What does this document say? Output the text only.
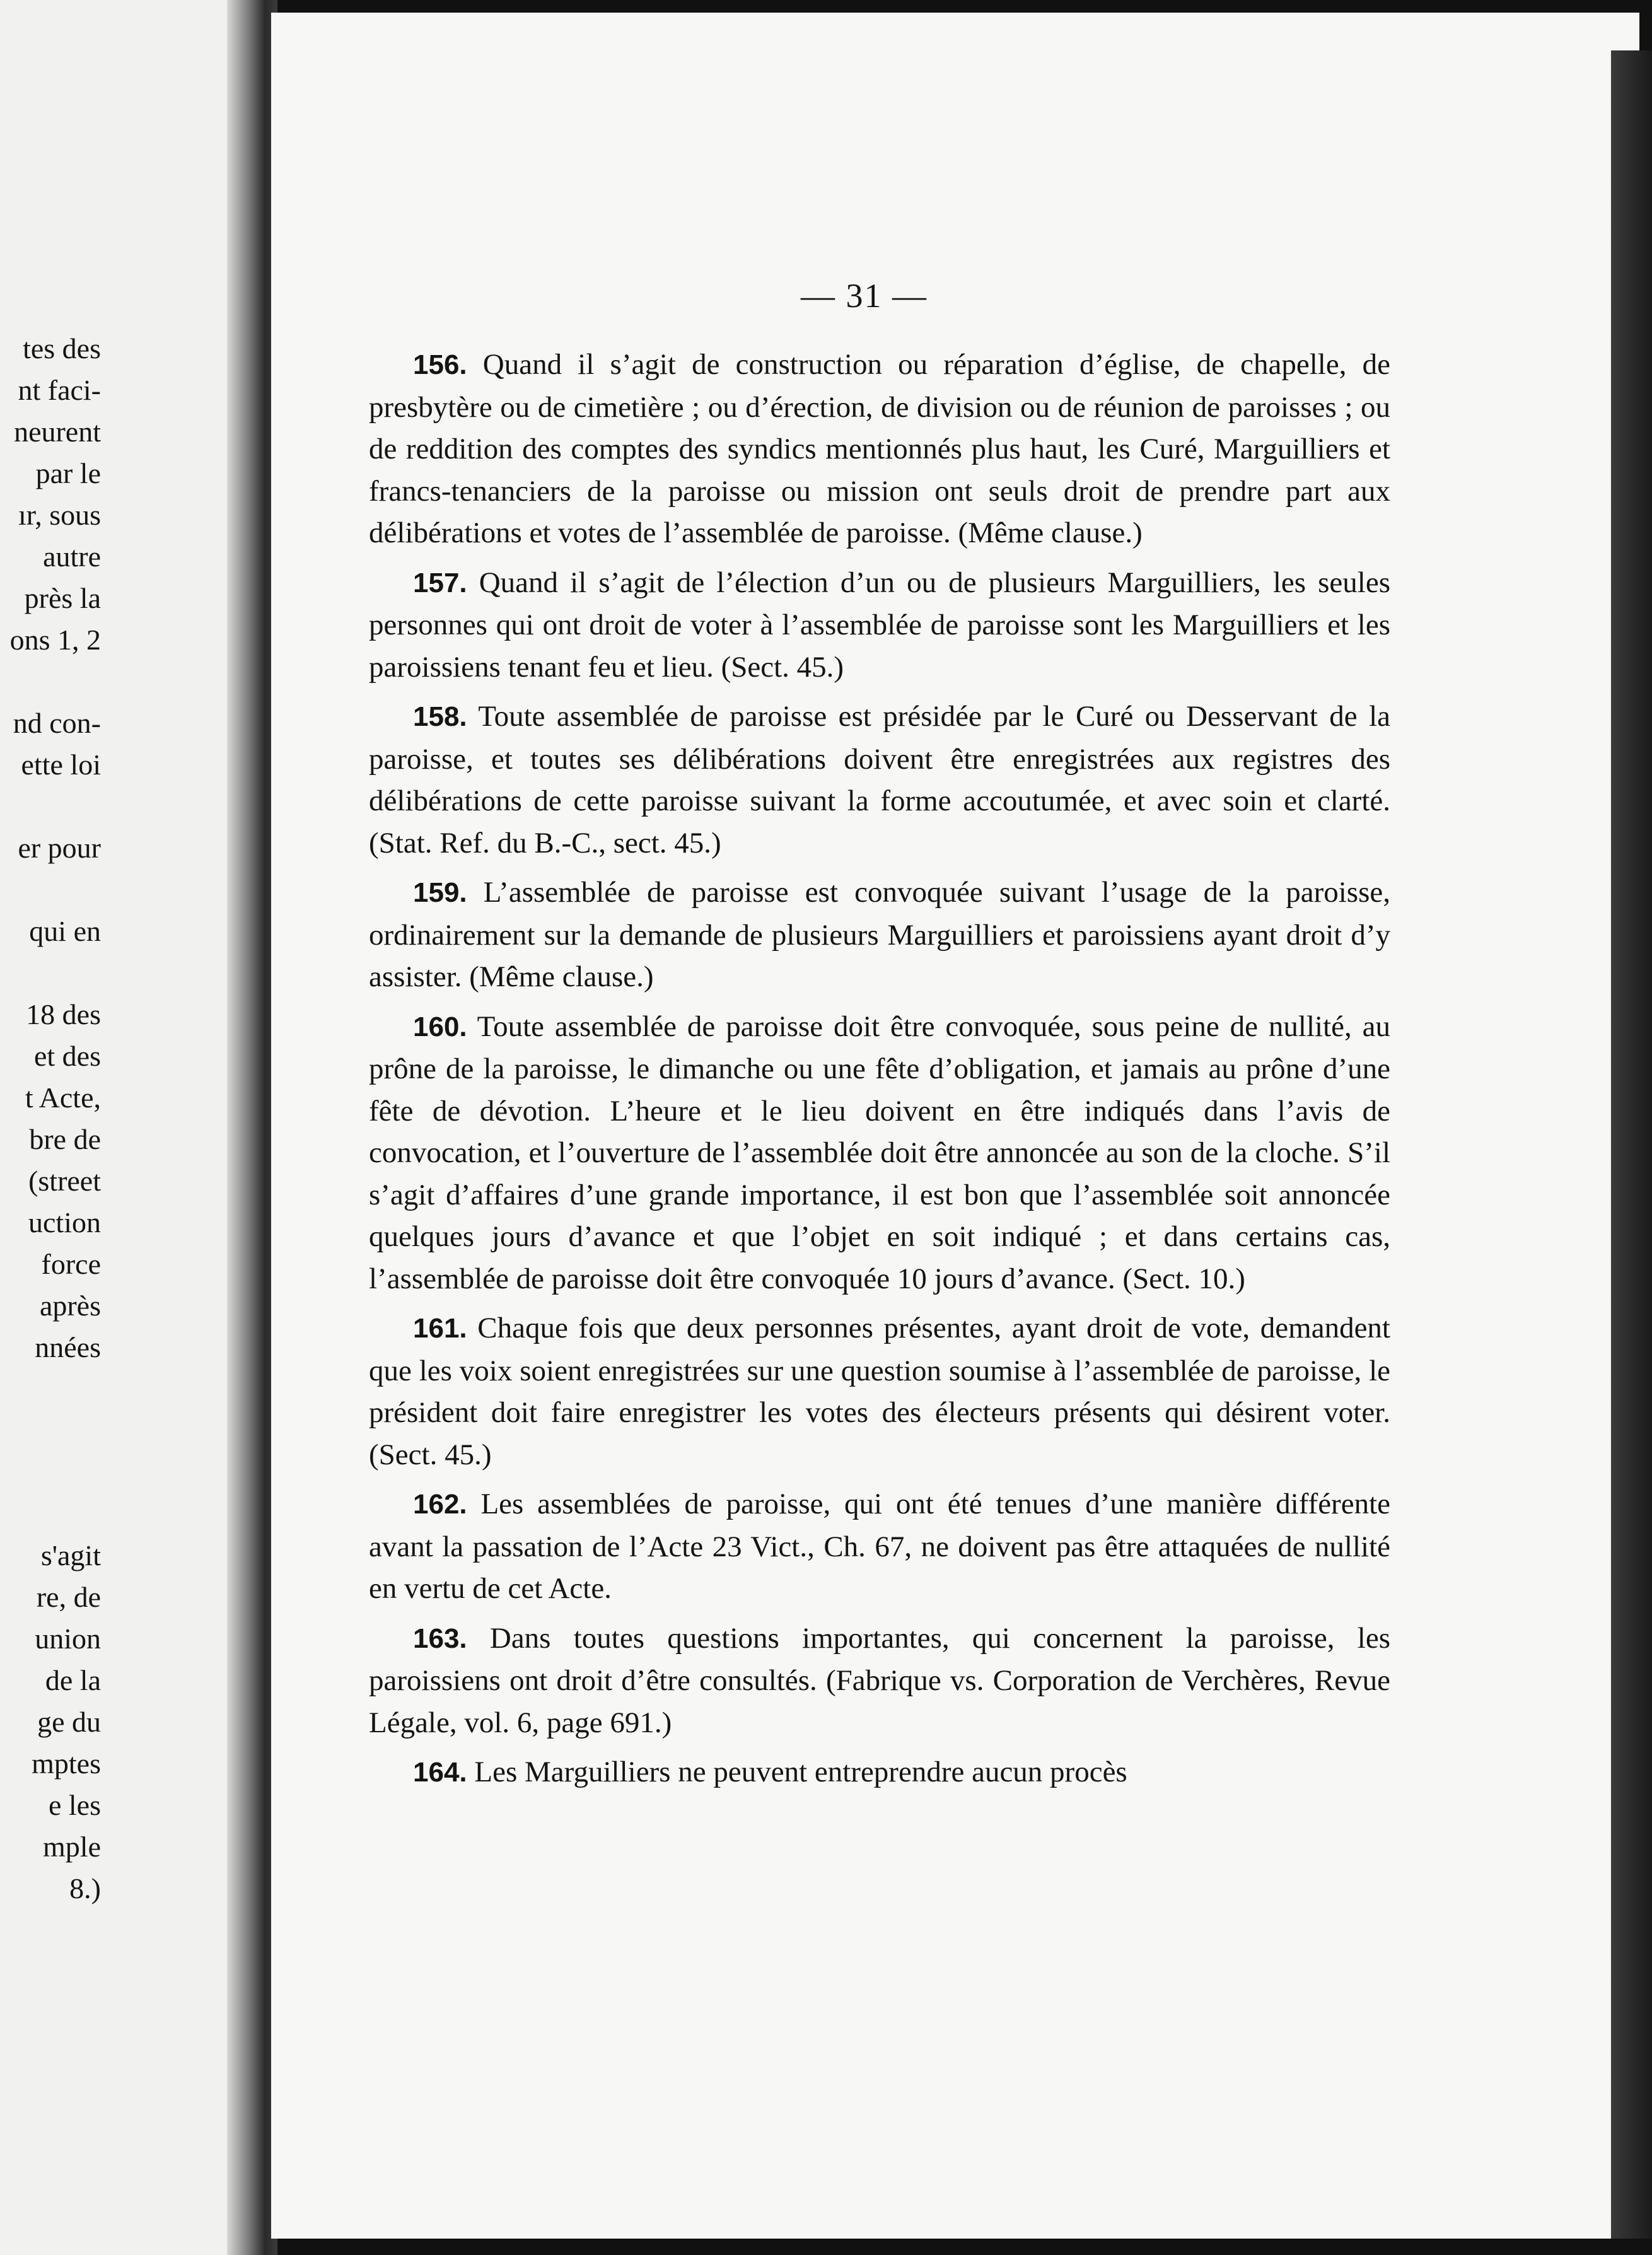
tes des
nt faci-
neurent
par le
ır, sous
autre
près la
ons 1, 2
nd con-
ette loi
er pour
qui en
18 des
et des
t Acte,
bre de
(street
uction
force
après
nnées
s'agit
re, de
union
de la
ge du
mptes
e les
mple
8.)
— 31 —

156. Quand il s’agit de construction ou réparation d’église, de chapelle, de presbytère ou de cimetière ; ou d’érection, de division ou de réunion de paroisses ; ou de reddition des comptes des syndics mentionnés plus haut, les Curé, Marguilliers et francs-tenanciers de la paroisse ou mission ont seuls droit de prendre part aux délibérations et votes de l’assemblée de paroisse. (Même clause.)

157. Quand il s’agit de l’élection d’un ou de plusieurs Marguilliers, les seules personnes qui ont droit de voter à l’assemblée de paroisse sont les Marguilliers et les paroissiens tenant feu et lieu. (Sect. 45.)

158. Toute assemblée de paroisse est présidée par le Curé ou Desservant de la paroisse, et toutes ses délibérations doivent être enregistrées aux registres des délibérations de cette paroisse suivant la forme accoutumée, et avec soin et clarté. (Stat. Ref. du B.-C., sect. 45.)

159. L’assemblée de paroisse est convoquée suivant l’usage de la paroisse, ordinairement sur la demande de plusieurs Marguilliers et paroissiens ayant droit d’y assister. (Même clause.)

160. Toute assemblée de paroisse doit être convoquée, sous peine de nullité, au prône de la paroisse, le dimanche ou une fête d’obligation, et jamais au prône d’une fête de dévotion. L’heure et le lieu doivent en être indiqués dans l’avis de convocation, et l’ouverture de l’assemblée doit être annoncée au son de la cloche. S’il s’agit d’affaires d’une grande importance, il est bon que l’assemblée soit annoncée quelques jours d’avance et que l’objet en soit indiqué ; et dans certains cas, l’assemblée de paroisse doit être convoquée 10 jours d’avance. (Sect. 10.)

161. Chaque fois que deux personnes présentes, ayant droit de vote, demandent que les voix soient enregistrées sur une question soumise à l’assemblée de paroisse, le président doit faire enregistrer les votes des électeurs présents qui désirent voter. (Sect. 45.)

162. Les assemblées de paroisse, qui ont été tenues d’une manière différente avant la passation de l’Acte 23 Vict., Ch. 67, ne doivent pas être attaquées de nullité en vertu de cet Acte.

163. Dans toutes questions importantes, qui concernent la paroisse, les paroissiens ont droit d’être consultés. (Fabrique vs. Corporation de Verchères, Revue Légale, vol. 6, page 691.)

164. Les Marguilliers ne peuvent entreprendre aucun procès
